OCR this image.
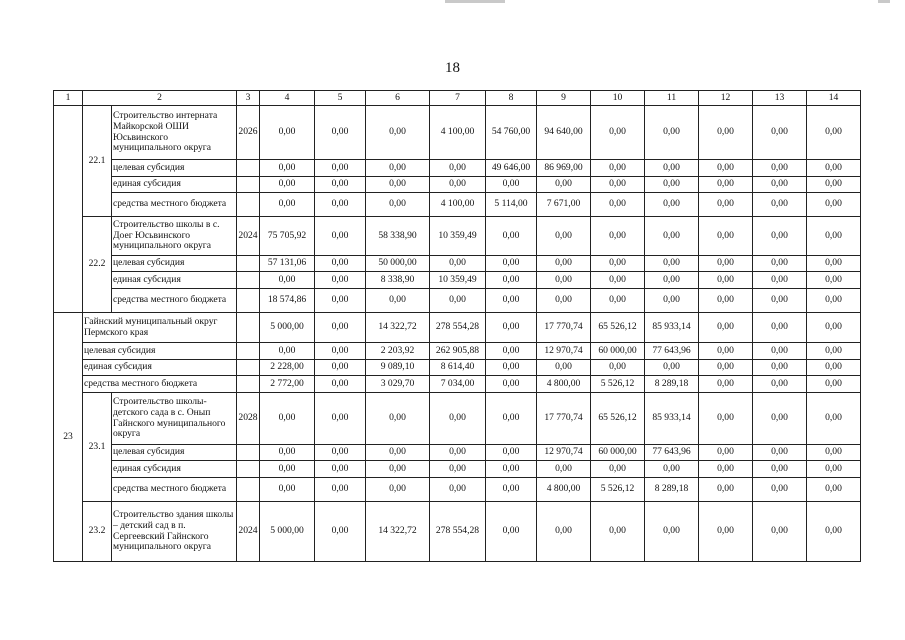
18
1	2		3	4	5	6	7	8	9	10	11	12	13	14
	22.1	Строительство интерната Майкорской ОШИ Юсьвинского муниципального округа	2026	0,00	0,00	0,00	4 100,00	54 760,00	94 640,00	0,00	0,00	0,00	0,00	0,00
		целевая субсидия		0,00	0,00	0,00	0,00	49 646,00	86 969,00	0,00	0,00	0,00	0,00	0,00
		единая субсидия		0,00	0,00	0,00	0,00	0,00	0,00	0,00	0,00	0,00	0,00	0,00
		средства местного бюджета		0,00	0,00	0,00	4 100,00	5 114,00	7 671,00	0,00	0,00	0,00	0,00	0,00
	22.2	Строительство школы в с. Доег Юсьвинского муниципального округа	2024	75 705,92	0,00	58 338,90	10 359,49	0,00	0,00	0,00	0,00	0,00	0,00	0,00
		целевая субсидия		57 131,06	0,00	50 000,00	0,00	0,00	0,00	0,00	0,00	0,00	0,00	0,00
		единая субсидия		0,00	0,00	8 338,90	10 359,49	0,00	0,00	0,00	0,00	0,00	0,00	0,00
		средства местного бюджета		18 574,86	0,00	0,00	0,00	0,00	0,00	0,00	0,00	0,00	0,00	0,00
23	Гайнский муниципальный округ Пермского края			5 000,00	0,00	14 322,72	278 554,28	0,00	17 770,74	65 526,12	85 933,14	0,00	0,00	0,00
	целевая субсидия			0,00	0,00	2 203,92	262 905,88	0,00	12 970,74	60 000,00	77 643,96	0,00	0,00	0,00
	единая субсидия			2 228,00	0,00	9 089,10	8 614,40	0,00	0,00	0,00	0,00	0,00	0,00	0,00
	средства местного бюджета			2 772,00	0,00	3 029,70	7 034,00	0,00	4 800,00	5 526,12	8 289,18	0,00	0,00	0,00
	23.1	Строительство школы-детского сада в с. Онып Гайнского муниципального округа	2028	0,00	0,00	0,00	0,00	0,00	17 770,74	65 526,12	85 933,14	0,00	0,00	0,00
		целевая субсидия		0,00	0,00	0,00	0,00	0,00	12 970,74	60 000,00	77 643,96	0,00	0,00	0,00
		единая субсидия		0,00	0,00	0,00	0,00	0,00	0,00	0,00	0,00	0,00	0,00	0,00
		средства местного бюджета		0,00	0,00	0,00	0,00	0,00	4 800,00	5 526,12	8 289,18	0,00	0,00	0,00
	23.2	Строительство здания школы – детский сад в п. Сергеевский Гайнского муниципального округа	2024	5 000,00	0,00	14 322,72	278 554,28	0,00	0,00	0,00	0,00	0,00	0,00	0,00
